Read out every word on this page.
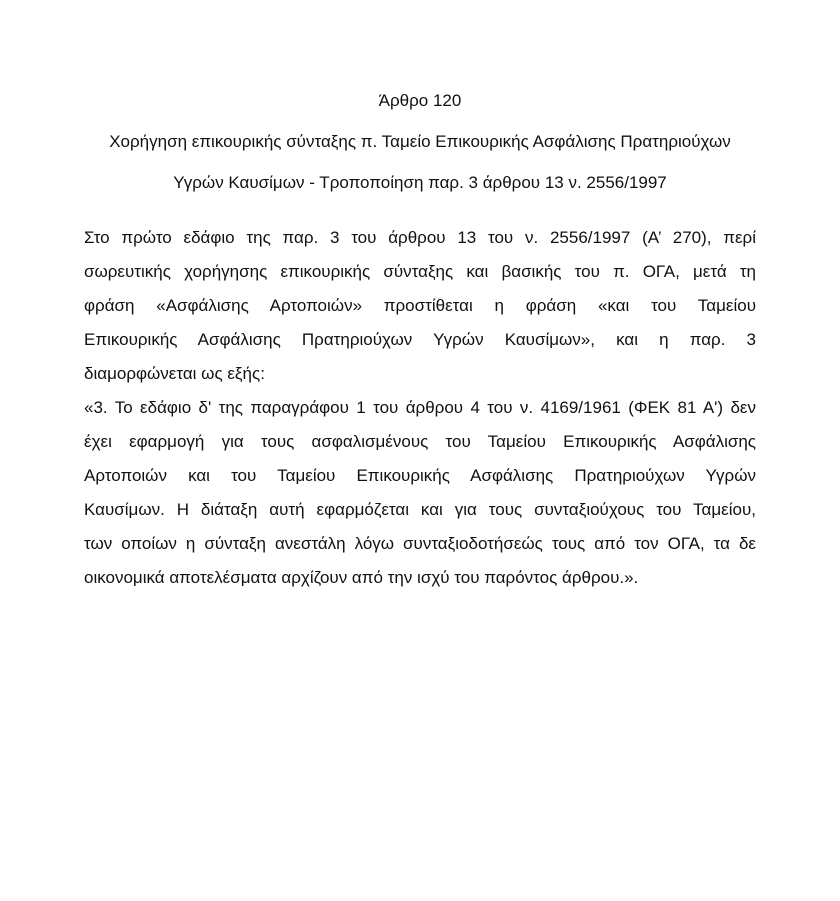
Άρθρο 120
Χορήγηση επικουρικής σύνταξης π. Ταμείο Επικουρικής Ασφάλισης Πρατηριούχων
Υγρών Καυσίμων - Τροποποίηση παρ. 3 άρθρου 13 ν. 2556/1997

Στο πρώτο εδάφιο της παρ. 3 του άρθρου 13 του ν. 2556/1997 (Α’ 270), περί
σωρευτικής χορήγησης επικουρικής σύνταξης και βασικής του π. ΟΓΑ, μετά τη
φράση «Ασφάλισης Αρτοποιών» προστίθεται η φράση «και του Ταμείου
Επικουρικής Ασφάλισης Πρατηριούχων Υγρών Καυσίμων», και η παρ. 3
διαμορφώνεται ως εξής:

«3. Το εδάφιο δ' της παραγράφου 1 του άρθρου 4 του ν. 4169/1961 (ΦΕΚ 81 Α') δεν
έχει εφαρμογή για τους ασφαλισμένους του Ταμείου Επικουρικής Ασφάλισης
Αρτοποιών και του Ταμείου Επικουρικής Ασφάλισης Πρατηριούχων Υγρών
Καυσίμων. Η διάταξη αυτή εφαρμόζεται και για τους συνταξιούχους του Ταμείου,
των οποίων η σύνταξη ανεστάλη λόγω συνταξιοδοτήσεώς τους από τον ΟΓΑ, τα δε
οικονομικά αποτελέσματα αρχίζουν από την ισχύ του παρόντος άρθρου.».
